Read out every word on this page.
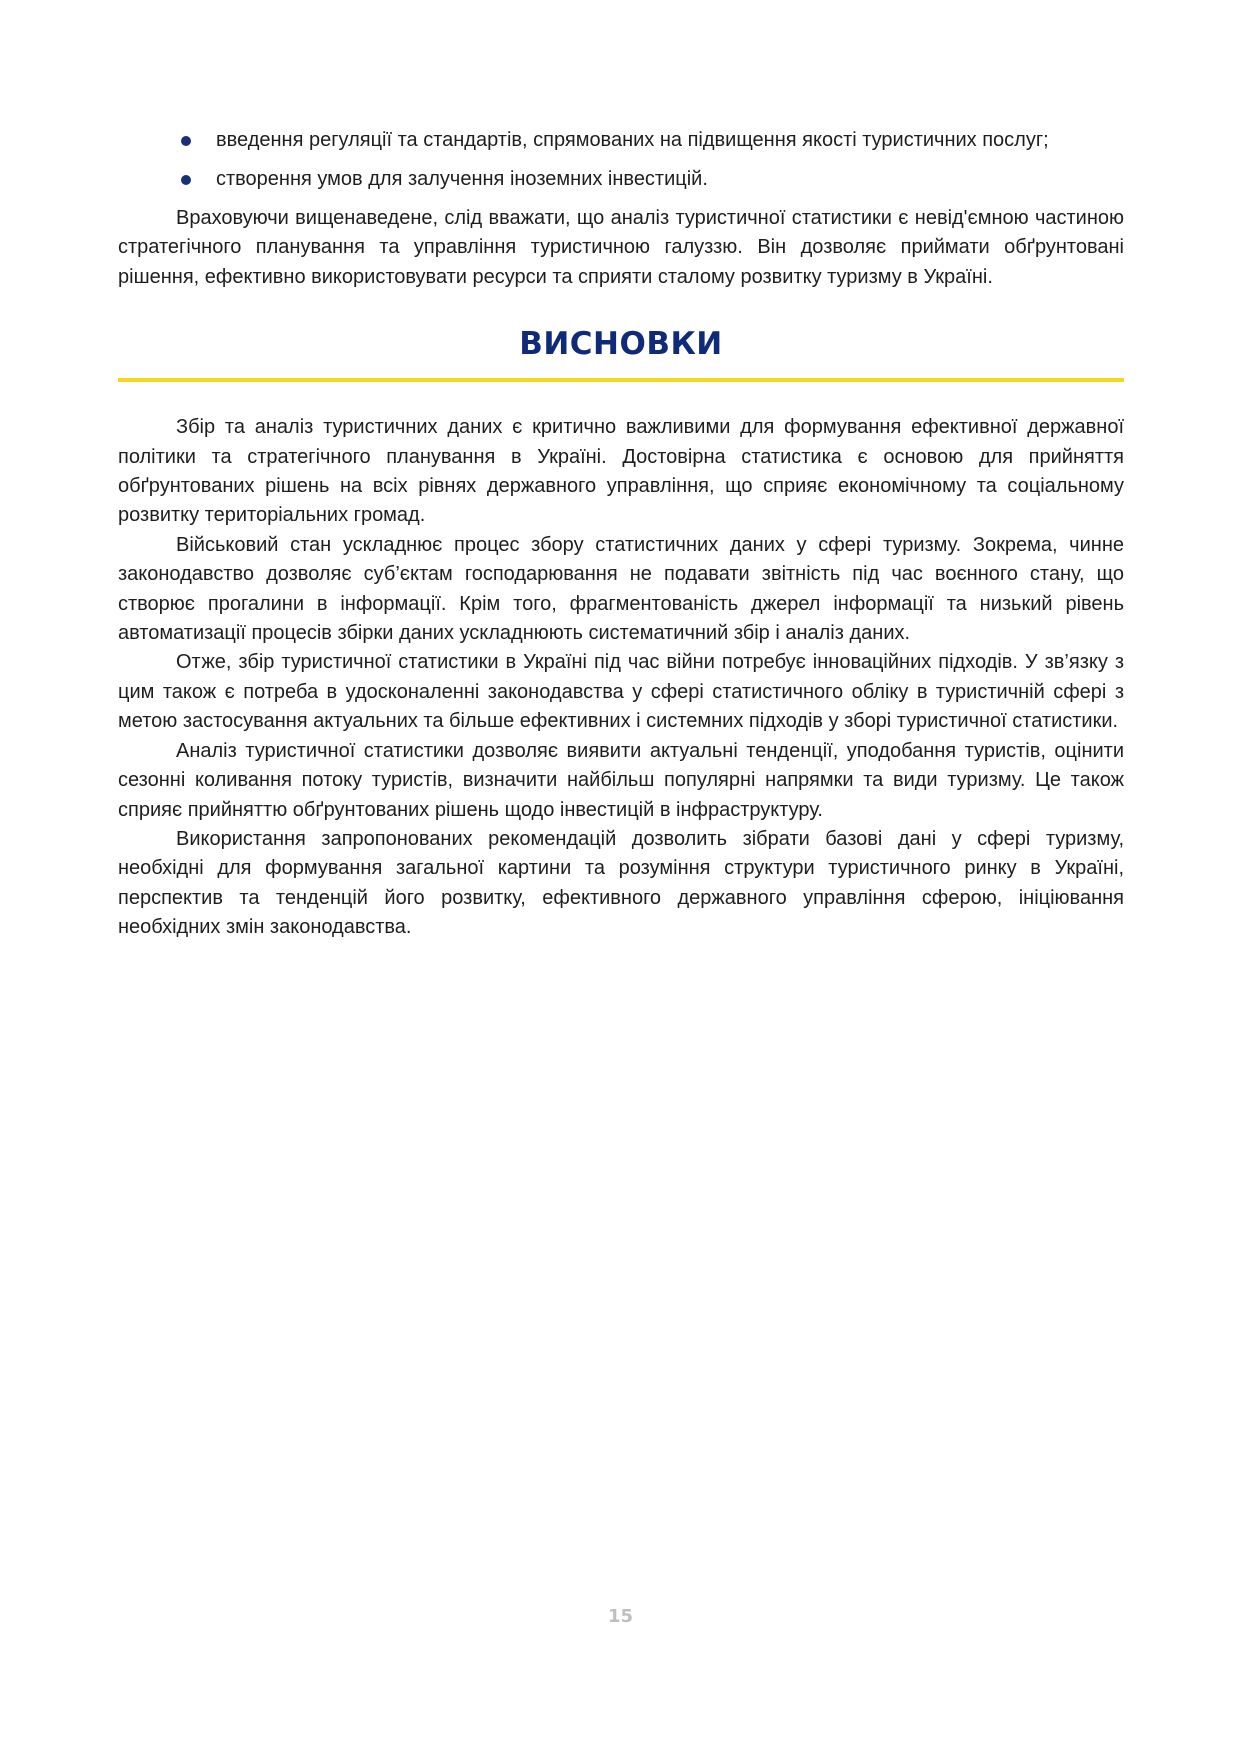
введення регуляції та стандартів, спрямованих на підвищення якості туристичних послуг;
створення умов для залучення іноземних інвестицій.

Враховуючи вищенаведене, слід вважати, що аналіз туристичної статистики є невід'ємною частиною стратегічного планування та управління туристичною галуззю. Він дозволяє приймати обґрунтовані рішення, ефективно використовувати ресурси та сприяти сталому розвитку туризму в Україні.

ВИСНОВКИ

Збір та аналіз туристичних даних є критично важливими для формування ефективної державної політики та стратегічного планування в Україні. Достовірна статистика є основою для прийняття обґрунтованих рішень на всіх рівнях державного управління, що сприяє економічному та соціальному розвитку територіальних громад.

Військовий стан ускладнює процес збору статистичних даних у сфері туризму. Зокрема, чинне законодавство дозволяє суб’єктам господарювання не подавати звітність під час воєнного стану, що створює прогалини в інформації. Крім того, фрагментованість джерел інформації та низький рівень автоматизації процесів збірки даних ускладнюють систематичний збір і аналіз даних.

Отже, збір туристичної статистики в Україні під час війни потребує інноваційних підходів. У зв’язку з цим також є потреба в удосконаленні законодавства у сфері статистичного обліку в туристичній сфері з метою застосування актуальних та більше ефективних і системних підходів у зборі туристичної статистики.

Аналіз туристичної статистики дозволяє виявити актуальні тенденції, уподобання туристів, оцінити сезонні коливання потоку туристів, визначити найбільш популярні напрямки та види туризму. Це також сприяє прийняттю обґрунтованих рішень щодо інвестицій в інфраструктуру.

Використання запропонованих рекомендацій дозволить зібрати базові дані у сфері туризму, необхідні для формування загальної картини та розуміння структури туристичного ринку в Україні, перспектив та тенденцій його розвитку, ефективного державного управління сферою, ініціювання необхідних змін законодавства.

15
